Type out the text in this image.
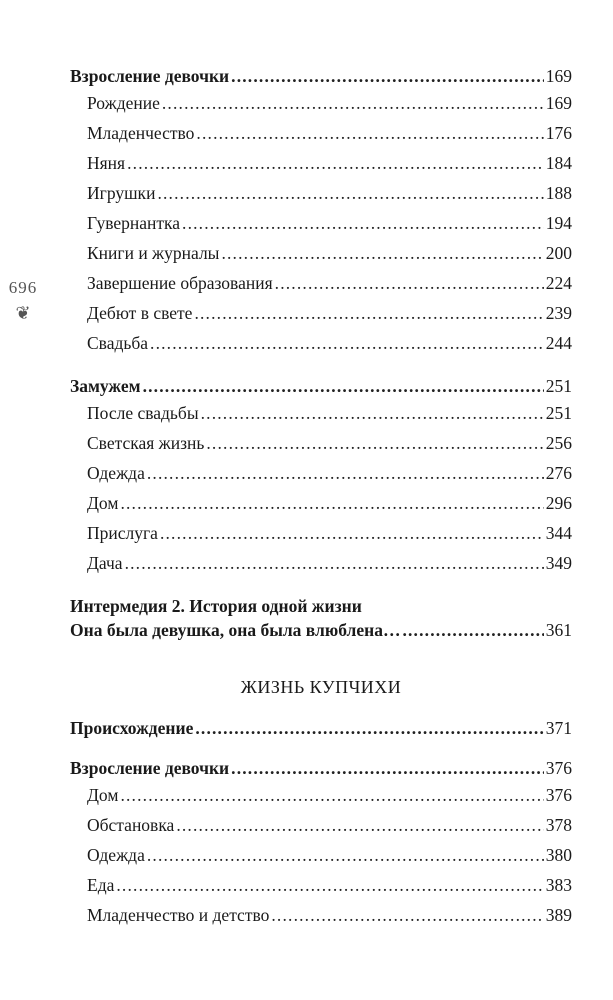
696
❦
Взросление девочки . . .	169
Рождение . . .	169
Младенчество . . .	176
Няня . . .	184
Игрушки . . .	188
Гувернантка . . .	194
Книги и журналы . . .	200
Завершение образования . . .	224
Дебют в свете . . .	239
Свадьба . . .	244
Замужем . . .	251
После свадьбы . . .	251
Светская жизнь . . .	256
Одежда . . .	276
Дом . . .	296
Прислуга . . .	344
Дача . . .	349
Интермедия 2. История одной жизни
Она была девушка, она была влюблена… . . .	361
ЖИЗНЬ КУПЧИХИ
Происхождение . . .	371
Взросление девочки . . .	376
Дом . . .	376
Обстановка . . .	378
Одежда . . .	380
Еда . . .	383
Младенчество и детство . . .	389
